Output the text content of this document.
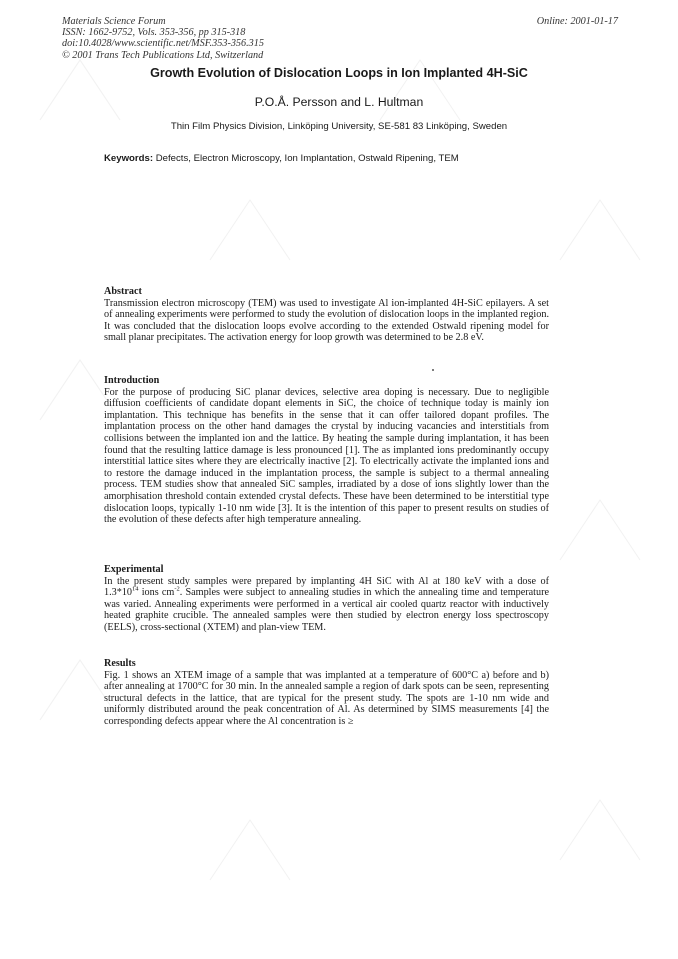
Materials Science Forum
ISSN: 1662-9752, Vols. 353-356, pp 315-318
doi:10.4028/www.scientific.net/MSF.353-356.315
© 2001 Trans Tech Publications Ltd, Switzerland
Online: 2001-01-17
Growth Evolution of Dislocation Loops in Ion Implanted 4H-SiC
P.O.Å. Persson and L. Hultman
Thin Film Physics Division, Linköping University, SE-581 83 Linköping, Sweden
Keywords: Defects, Electron Microscopy, Ion Implantation, Ostwald Ripening, TEM
Abstract
Transmission electron microscopy (TEM) was used to investigate Al ion-implanted 4H-SiC epilayers. A set of annealing experiments were performed to study the evolution of dislocation loops in the implanted region. It was concluded that the dislocation loops evolve according to the extended Ostwald ripening model for small planar precipitates. The activation energy for loop growth was determined to be 2.8 eV.
Introduction
For the purpose of producing SiC planar devices, selective area doping is necessary. Due to negligible diffusion coefficients of candidate dopant elements in SiC, the choice of technique today is mainly ion implantation. This technique has benefits in the sense that it can offer tailored dopant profiles. The implantation process on the other hand damages the crystal by inducing vacancies and interstitials from collisions between the implanted ion and the lattice. By heating the sample during implantation, it has been found that the resulting lattice damage is less pronounced [1]. The as implanted ions predominantly occupy interstitial lattice sites where they are electrically inactive [2]. To electrically activate the implanted ions and to restore the damage induced in the implantation process, the sample is subject to a thermal annealing process. TEM studies show that annealed SiC samples, irradiated by a dose of ions slightly lower than the amorphisation threshold contain extended crystal defects. These have been determined to be interstitial type dislocation loops, typically 1-10 nm wide [3]. It is the intention of this paper to present results on studies of the evolution of these defects after high temperature annealing.
Experimental
In the present study samples were prepared by implanting 4H SiC with Al at 180 keV with a dose of $1.3*10^{14}$ ions $cm^{-2}$. Samples were subject to annealing studies in which the annealing time and temperature was varied. Annealing experiments were performed in a vertical air cooled quartz reactor with inductively heated graphite crucible. The annealed samples were then studied by electron energy loss spectroscopy (EELS), cross-sectional (XTEM) and plan-view TEM.
Results
Fig. 1 shows an XTEM image of a sample that was implanted at a temperature of 600°C a) before and b) after annealing at 1700°C for 30 min. In the annealed sample a region of dark spots can be seen, representing structural defects in the lattice, that are typical for the present study. The spots are 1-10 nm wide and uniformly distributed around the peak concentration of Al. As determined by SIMS measurements [4] the corresponding defects appear where the Al concentration is ≥
